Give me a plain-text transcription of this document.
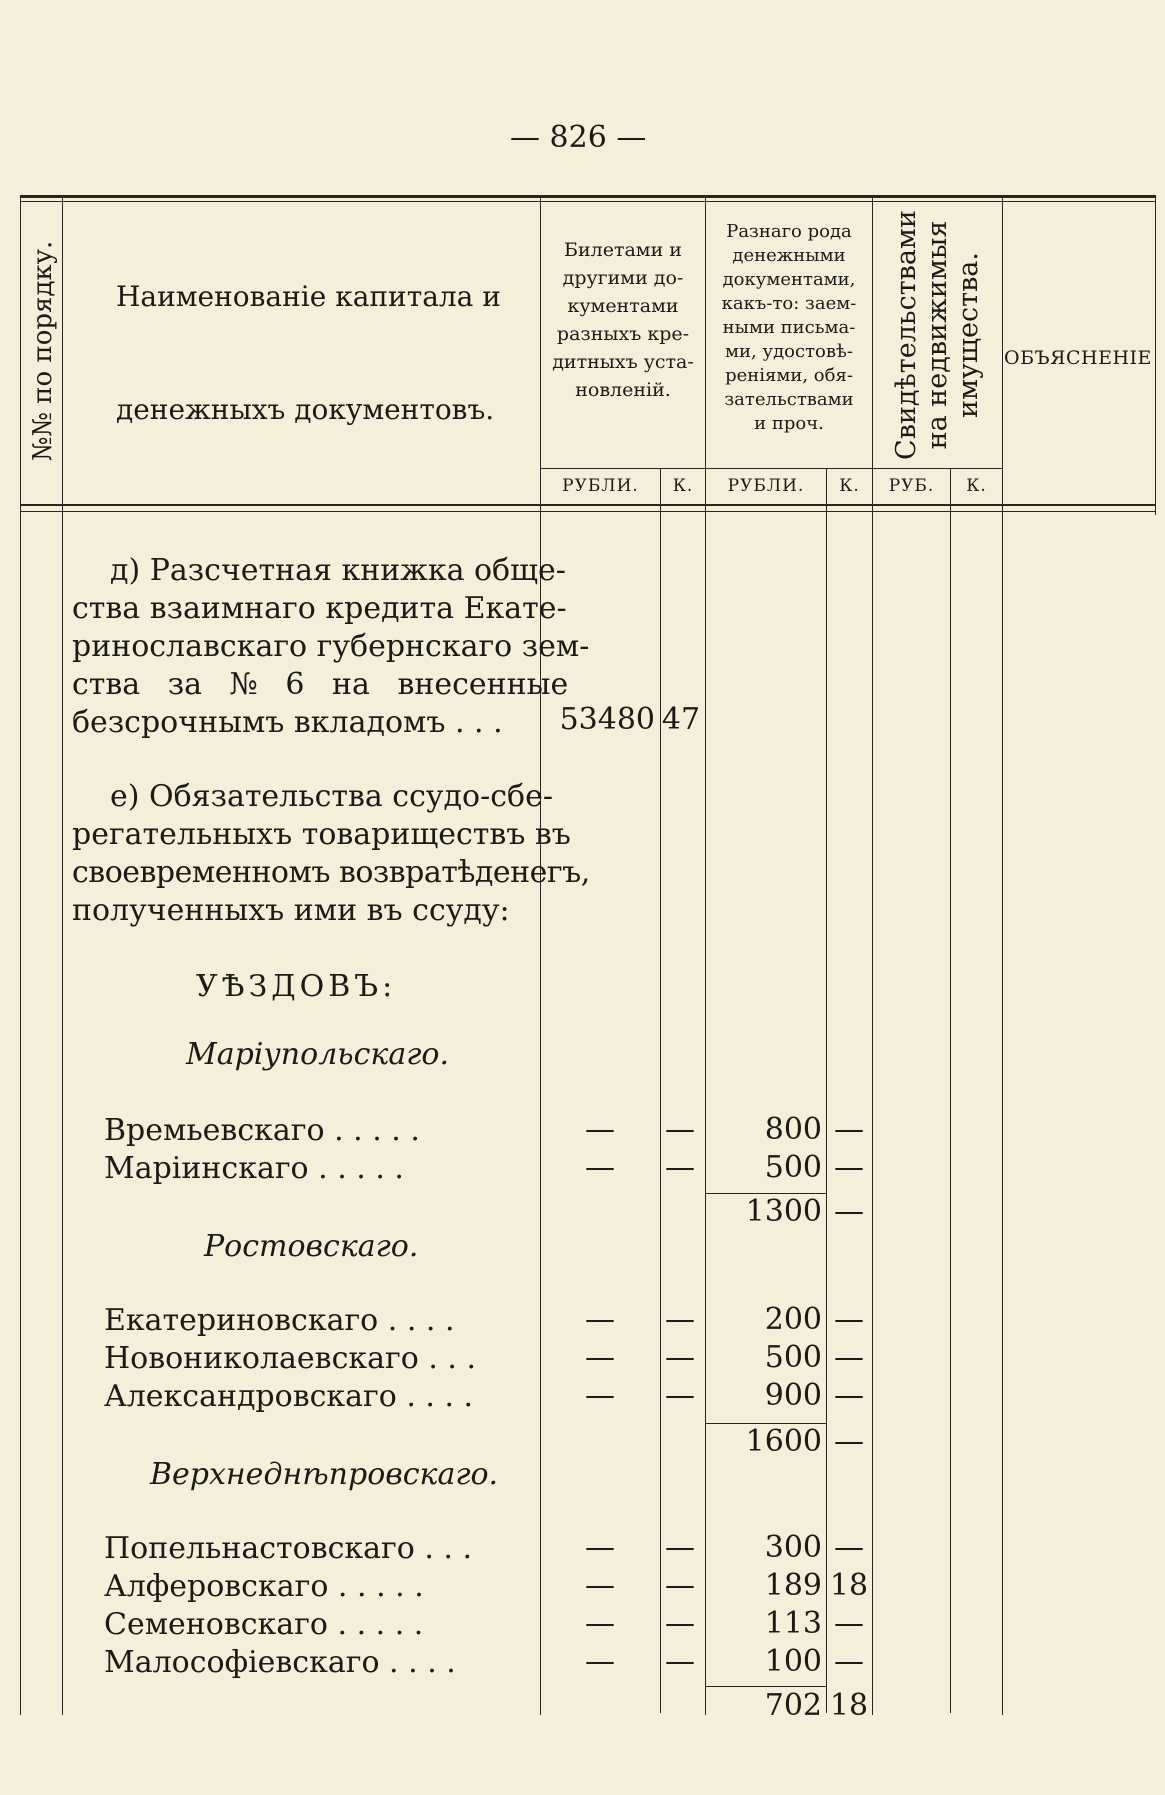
— 826 —
№№ по порядку. Наименованіе капитала и
денежныхъ документовъ.
Билетами и
другими до-
кументами
разныхъ кре-
дитныхъ уста-
новленій.
Разнаго рода
денежными
документами,
какъ-то: заем-
ными письма-
ми, удостовѣ-
реніями, обя-
зательствами
и проч.	Свидѣтельствами на недвижимыя имущества. ОБЪЯСНЕНІЕ
РУБЛИ.	К.	РУБЛИ.	К.	РУБ.	К.
д) Разсчетная книжка обще-
ства взаимнаго кредита Екате-
ринославскаго губернскаго зем-
ства за № 6 на внесенные
безсрочнымъ вкладомъ . . .	53480 47
е) Обязательства ссудо-сбе-
регательныхъ товариществъ въ
своевременномъ возвратѣденегъ,
полученныхъ ими въ ссуду:
УѢЗДОВЪ:
Маріупольскаго.
Времьевскаго . . . . .	—	—	800 —
Маріинскаго . . . . .	—	—	500 —
1300 —
Ростовскаго.
Екатериновскаго . . . .	—	—	200 —
Новониколаевскаго . . .	—	—	500 —
Александровскаго . . . .	—	—	900 —
1600 —
Верхнеднѣпровскаго.
Попельнастовскаго . . .	—	—	300 —
Алферовскаго . . . . .	—	—	189 18
Семеновскаго . . . . .	—	—	113 —
Малософіевскаго . . . .	—	—	100 —
702 18
